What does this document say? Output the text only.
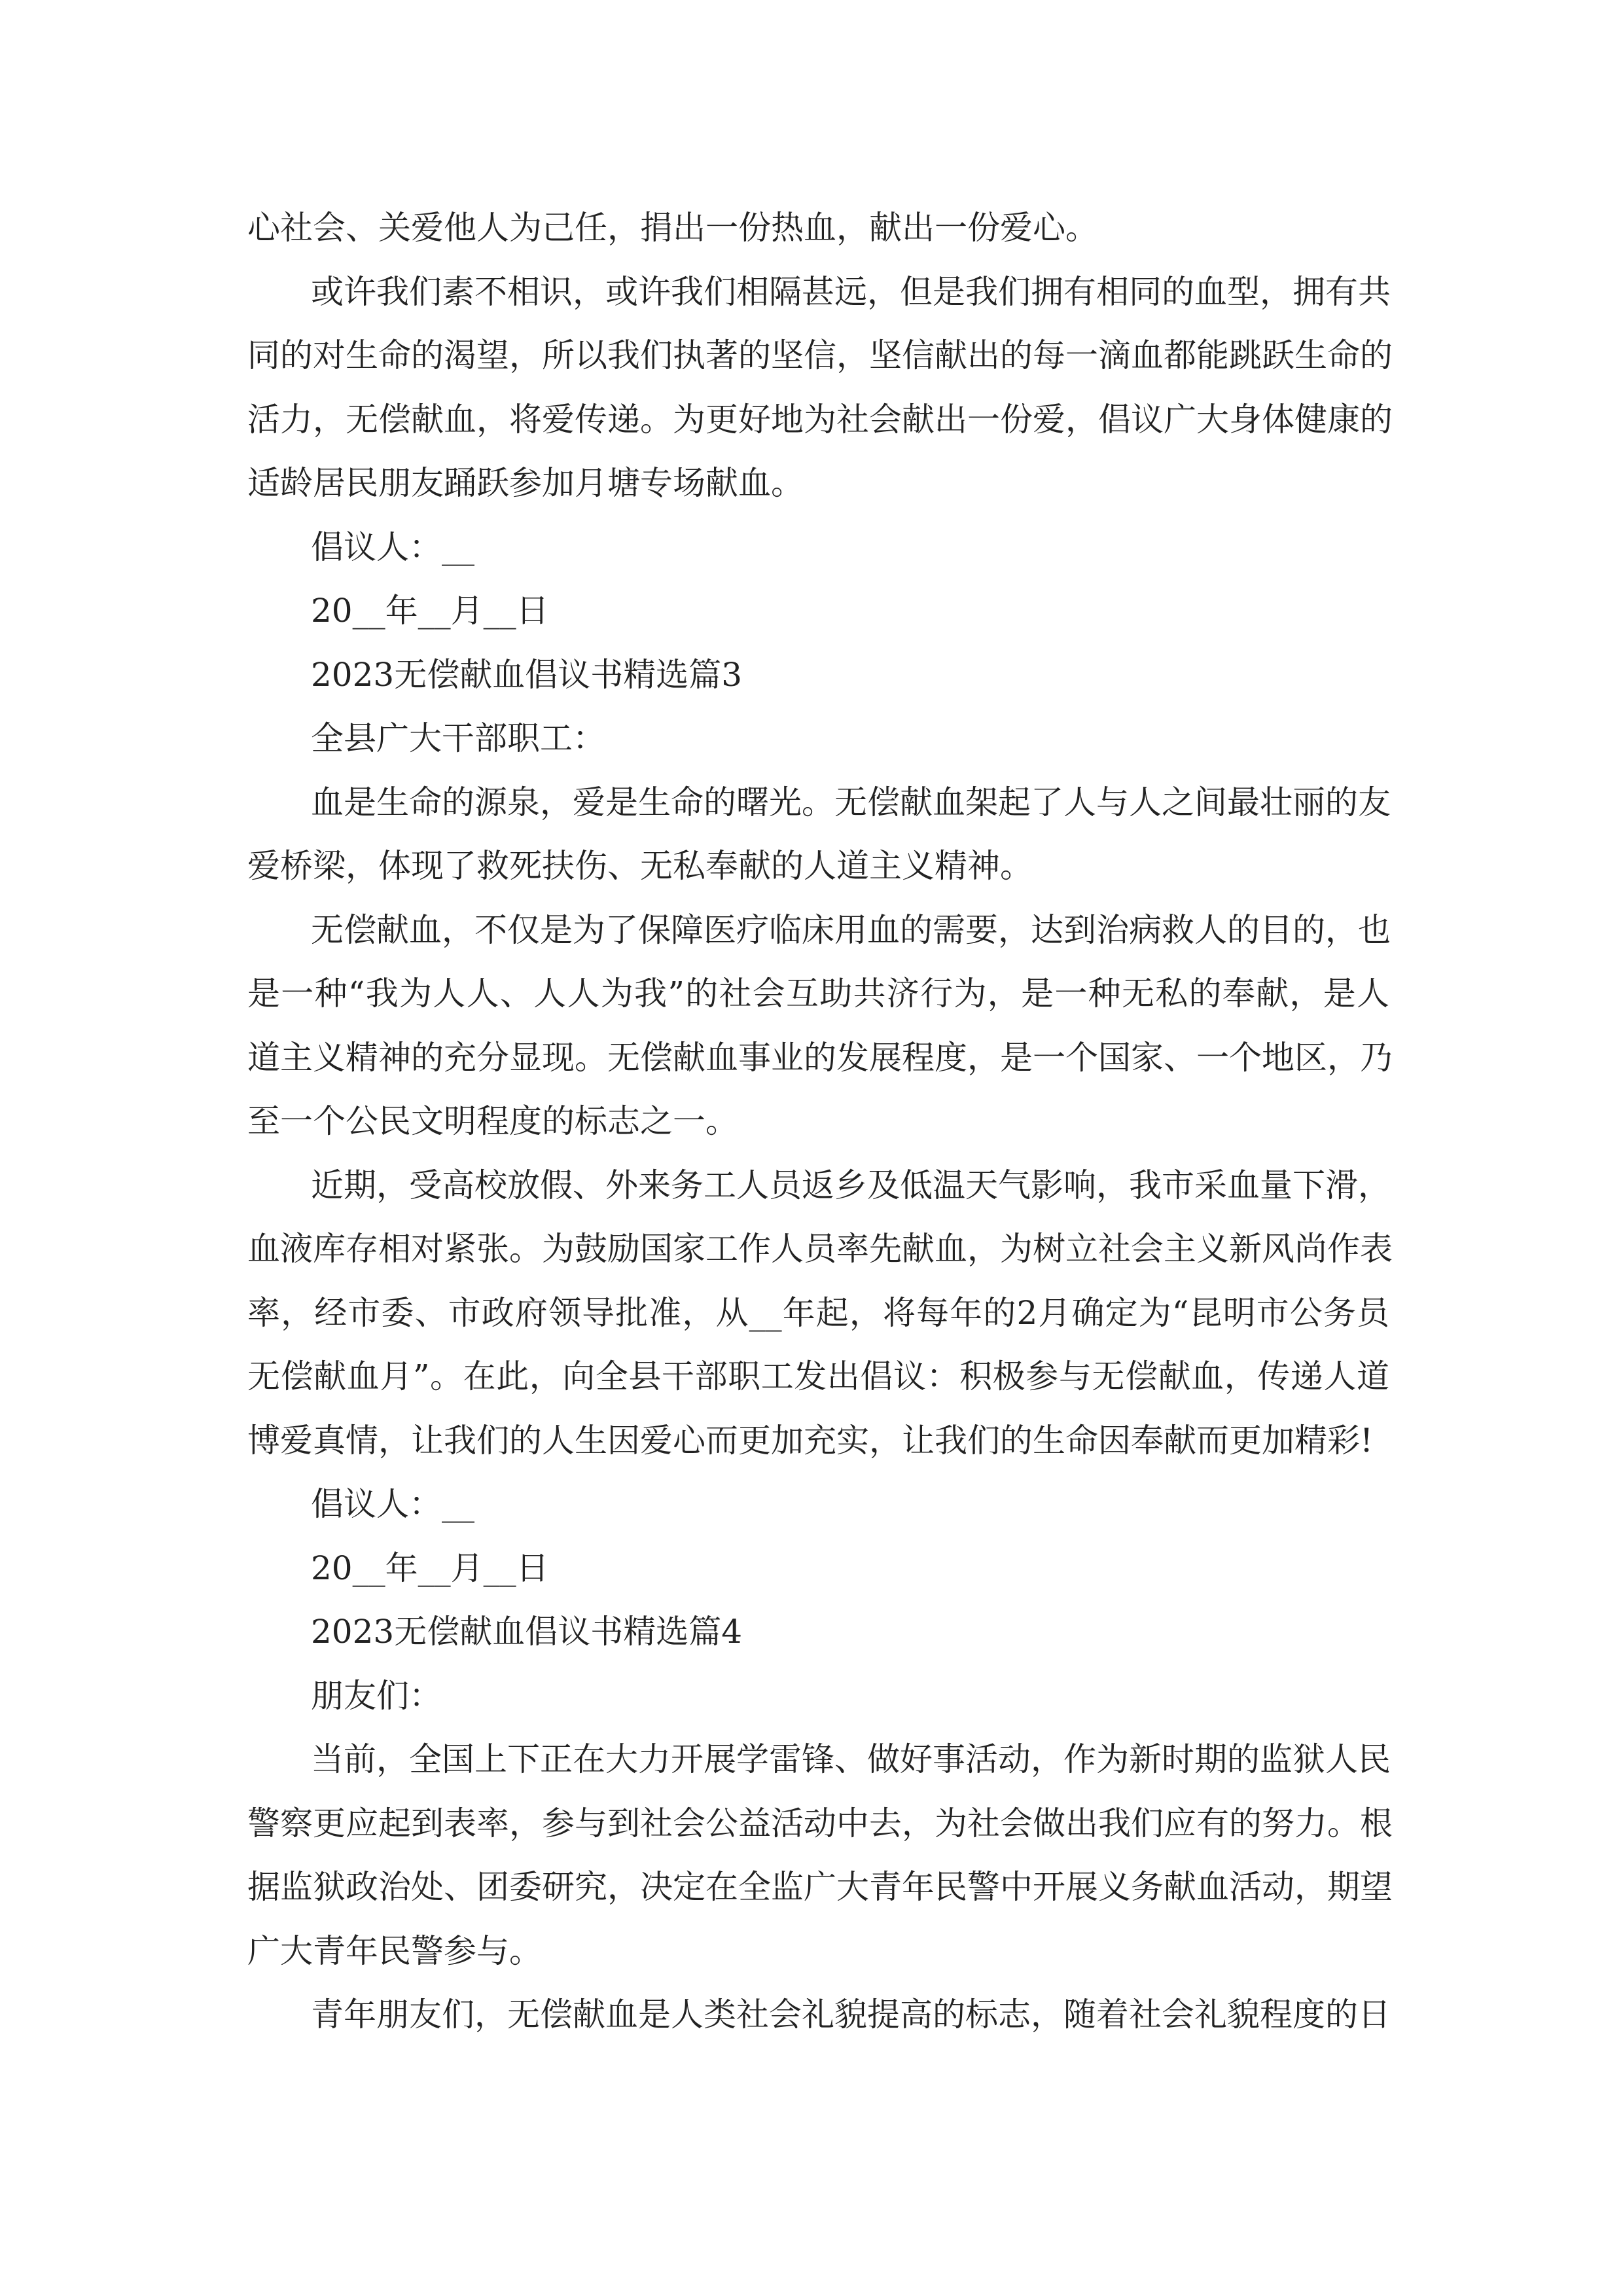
心社会、关爱他人为己任，捐出一份热血，献出一份爱心。
或许我们素不相识，或许我们相隔甚远，但是我们拥有相同的血型，拥有共
同的对生命的渴望，所以我们执著的坚信，坚信献出的每一滴血都能跳跃生命的
活力，无偿献血，将爱传递。为更好地为社会献出一份爱，倡议广大身体健康的
适龄居民朋友踊跃参加月塘专场献血。
倡议人：__
20__年__月__日
2023无偿献血倡议书精选篇3
全县广大干部职工：
血是生命的源泉，爱是生命的曙光。无偿献血架起了人与人之间最壮丽的友
爱桥梁，体现了救死扶伤、无私奉献的人道主义精神。
无偿献血，不仅是为了保障医疗临床用血的需要，达到治病救人的目的，也
是一种“我为人人、人人为我”的社会互助共济行为，是一种无私的奉献，是人
道主义精神的充分显现。无偿献血事业的发展程度，是一个国家、一个地区，乃
至一个公民文明程度的标志之一。
近期，受高校放假、外来务工人员返乡及低温天气影响，我市采血量下滑，
血液库存相对紧张。为鼓励国家工作人员率先献血，为树立社会主义新风尚作表
率，经市委、市政府领导批准，从__年起，将每年的2月确定为“昆明市公务员
无偿献血月”。在此，向全县干部职工发出倡议：积极参与无偿献血，传递人道
博爱真情，让我们的人生因爱心而更加充实，让我们的生命因奉献而更加精彩!
倡议人：__
20__年__月__日
2023无偿献血倡议书精选篇4
朋友们：
当前，全国上下正在大力开展学雷锋、做好事活动，作为新时期的监狱人民
警察更应起到表率，参与到社会公益活动中去，为社会做出我们应有的努力。根
据监狱政治处、团委研究，决定在全监广大青年民警中开展义务献血活动，期望
广大青年民警参与。
青年朋友们，无偿献血是人类社会礼貌提高的标志，随着社会礼貌程度的日
